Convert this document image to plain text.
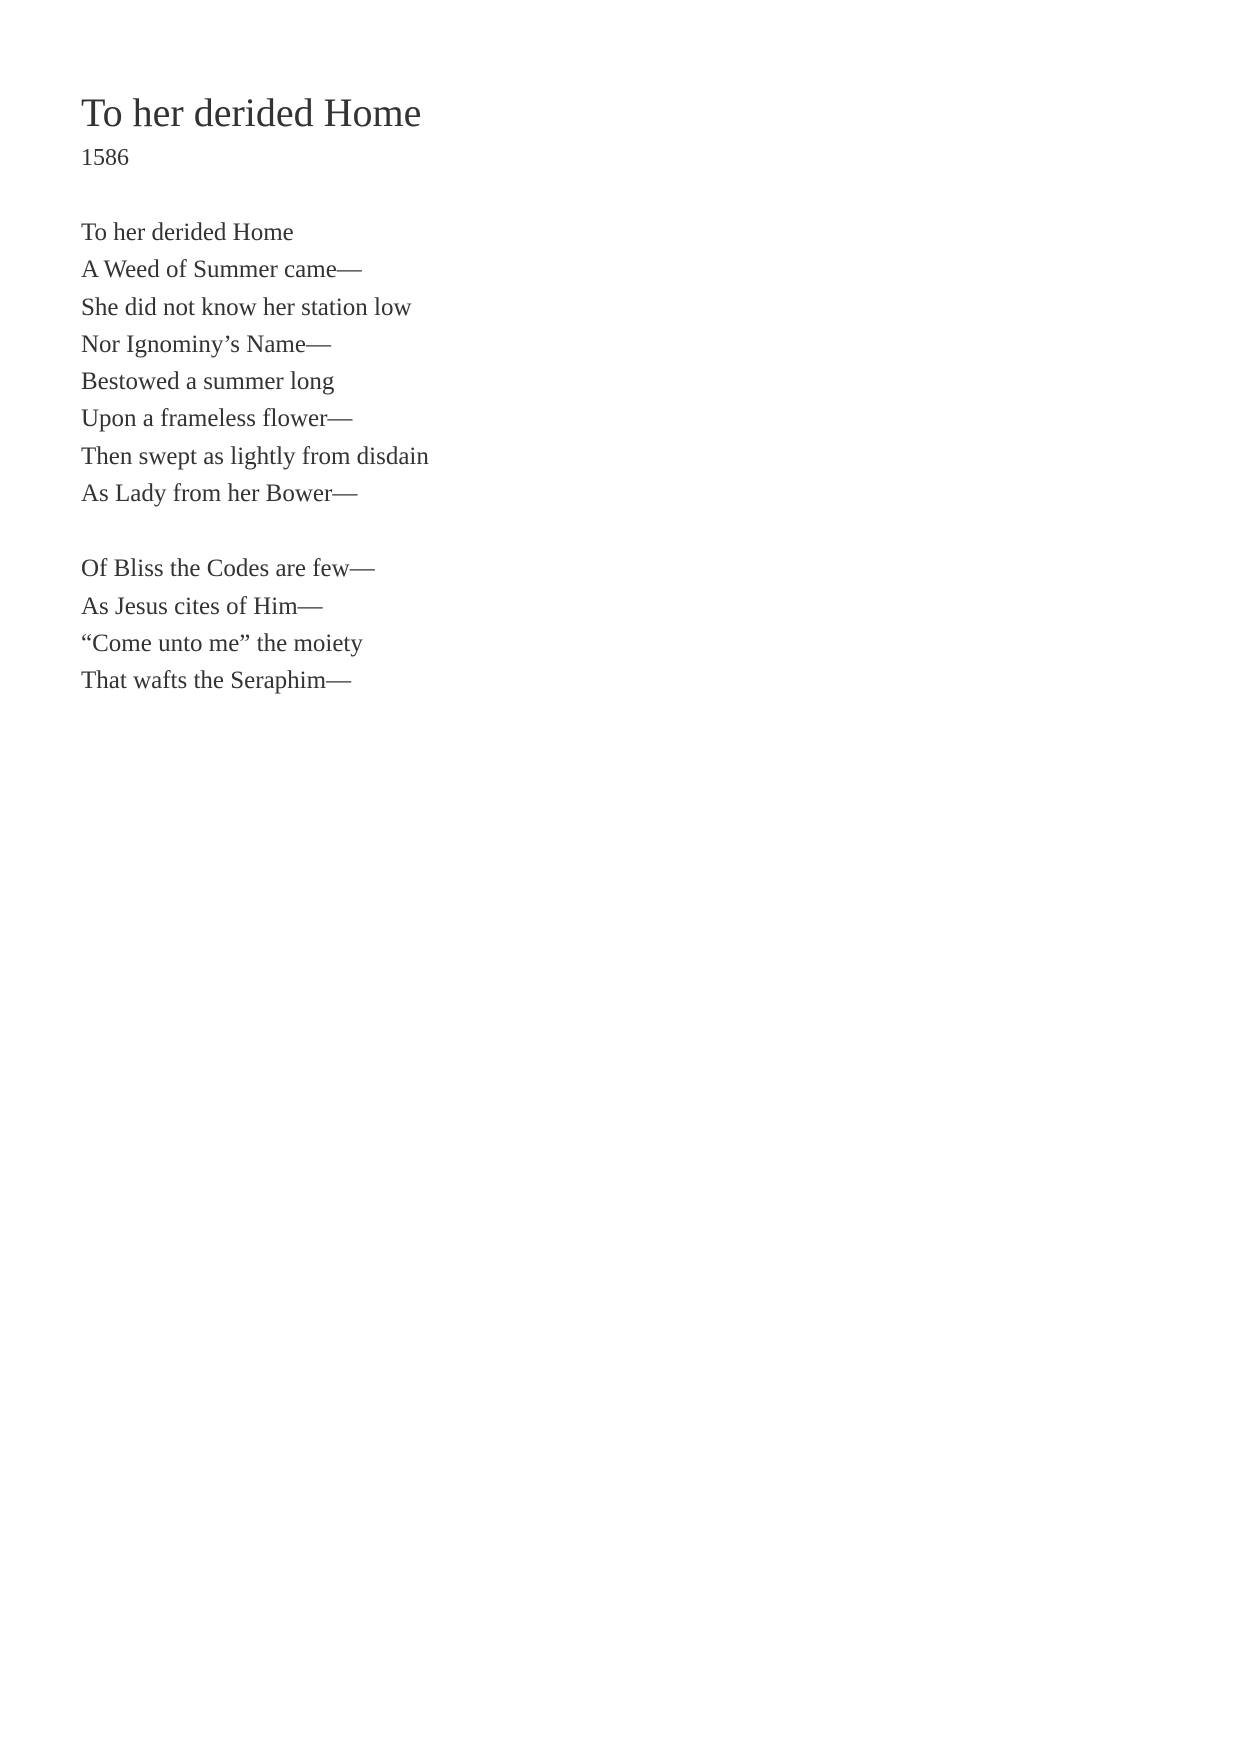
To her derided Home
1586
To her derided Home
A Weed of Summer came—
She did not know her station low
Nor Ignominy’s Name—
Bestowed a summer long
Upon a frameless flower—
Then swept as lightly from disdain
As Lady from her Bower—
Of Bliss the Codes are few—
As Jesus cites of Him—
“Come unto me” the moiety
That wafts the Seraphim—
